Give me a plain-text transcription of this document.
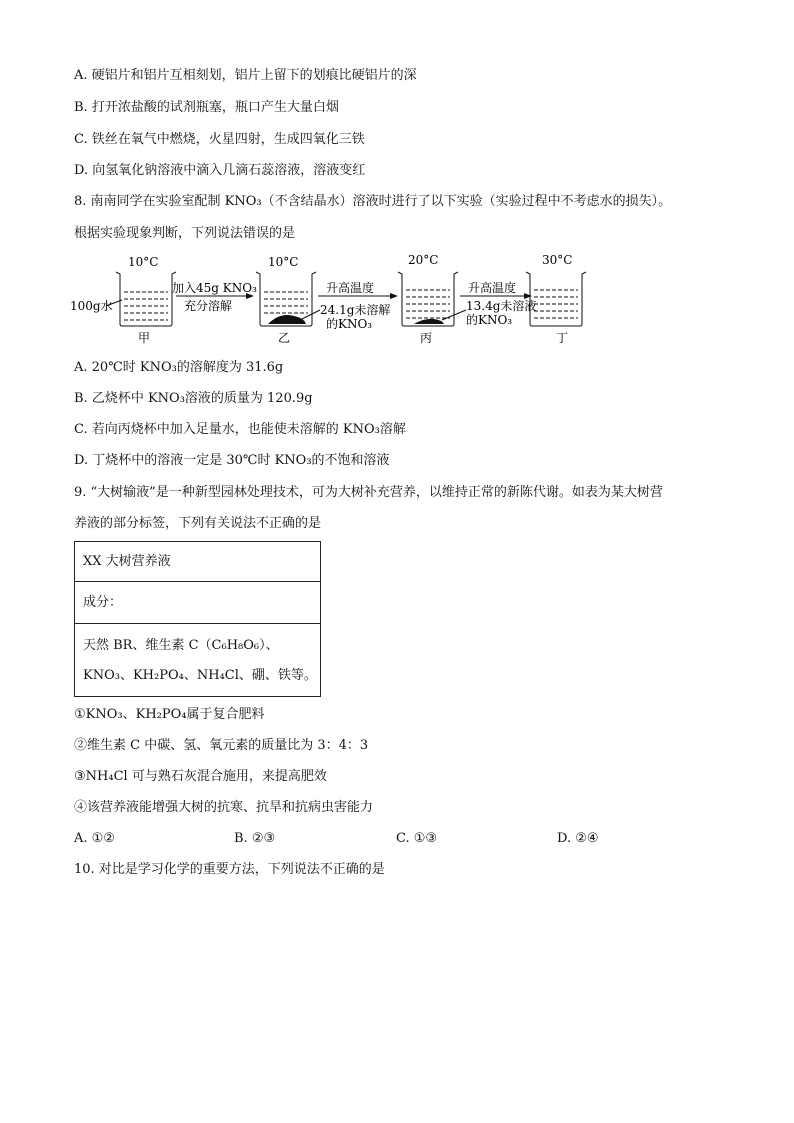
A. 硬铝片和铝片互相刻划，铝片上留下的划痕比硬铝片的深
B. 打开浓盐酸的试剂瓶塞，瓶口产生大量白烟
C. 铁丝在氧气中燃烧，火星四射，生成四氧化三铁
D. 向氢氧化钠溶液中滴入几滴石蕊溶液，溶液变红
8. 南南同学在实验室配制 KNO₃（不含结晶水）溶液时进行了以下实验（实验过程中不考虑水的损失）。
根据实验现象判断，下列说法错误的是
10°C	10°C	20°C	30°C
100g水
甲	乙	丙	丁
加入45g KNO₃
充分溶解
升高温度
24.1g未溶解
的KNO₃
升高温度
13.4g未溶液
的KNO₃
A. 20℃时 KNO₃的溶解度为 31.6g
B. 乙烧杯中 KNO₃溶液的质量为 120.9g
C. 若向丙烧杯中加入足量水，也能使未溶解的 KNO₃溶解
D. 丁烧杯中的溶液一定是 30℃时 KNO₃的不饱和溶液
9. “大树输液”是一种新型园林处理技术，可为大树补充营养，以维持正常的新陈代谢。如表为某大树营
养液的部分标签，下列有关说法不正确的是
XX 大树营养液
成分：
天然 BR、维生素 C（C₆H₈O₆）、
KNO₃、KH₂PO₄、NH₄Cl、硼、铁等。
①KNO₃、KH₂PO₄属于复合肥料
②维生素 C 中碳、氢、氧元素的质量比为 3：4：3
③NH₄Cl 可与熟石灰混合施用，来提高肥效
④该营养液能增强大树的抗寒、抗旱和抗病虫害能力
A. ①②	B. ②③	C. ①③	D. ②④
10. 对比是学习化学的重要方法，下列说法不正确的是
